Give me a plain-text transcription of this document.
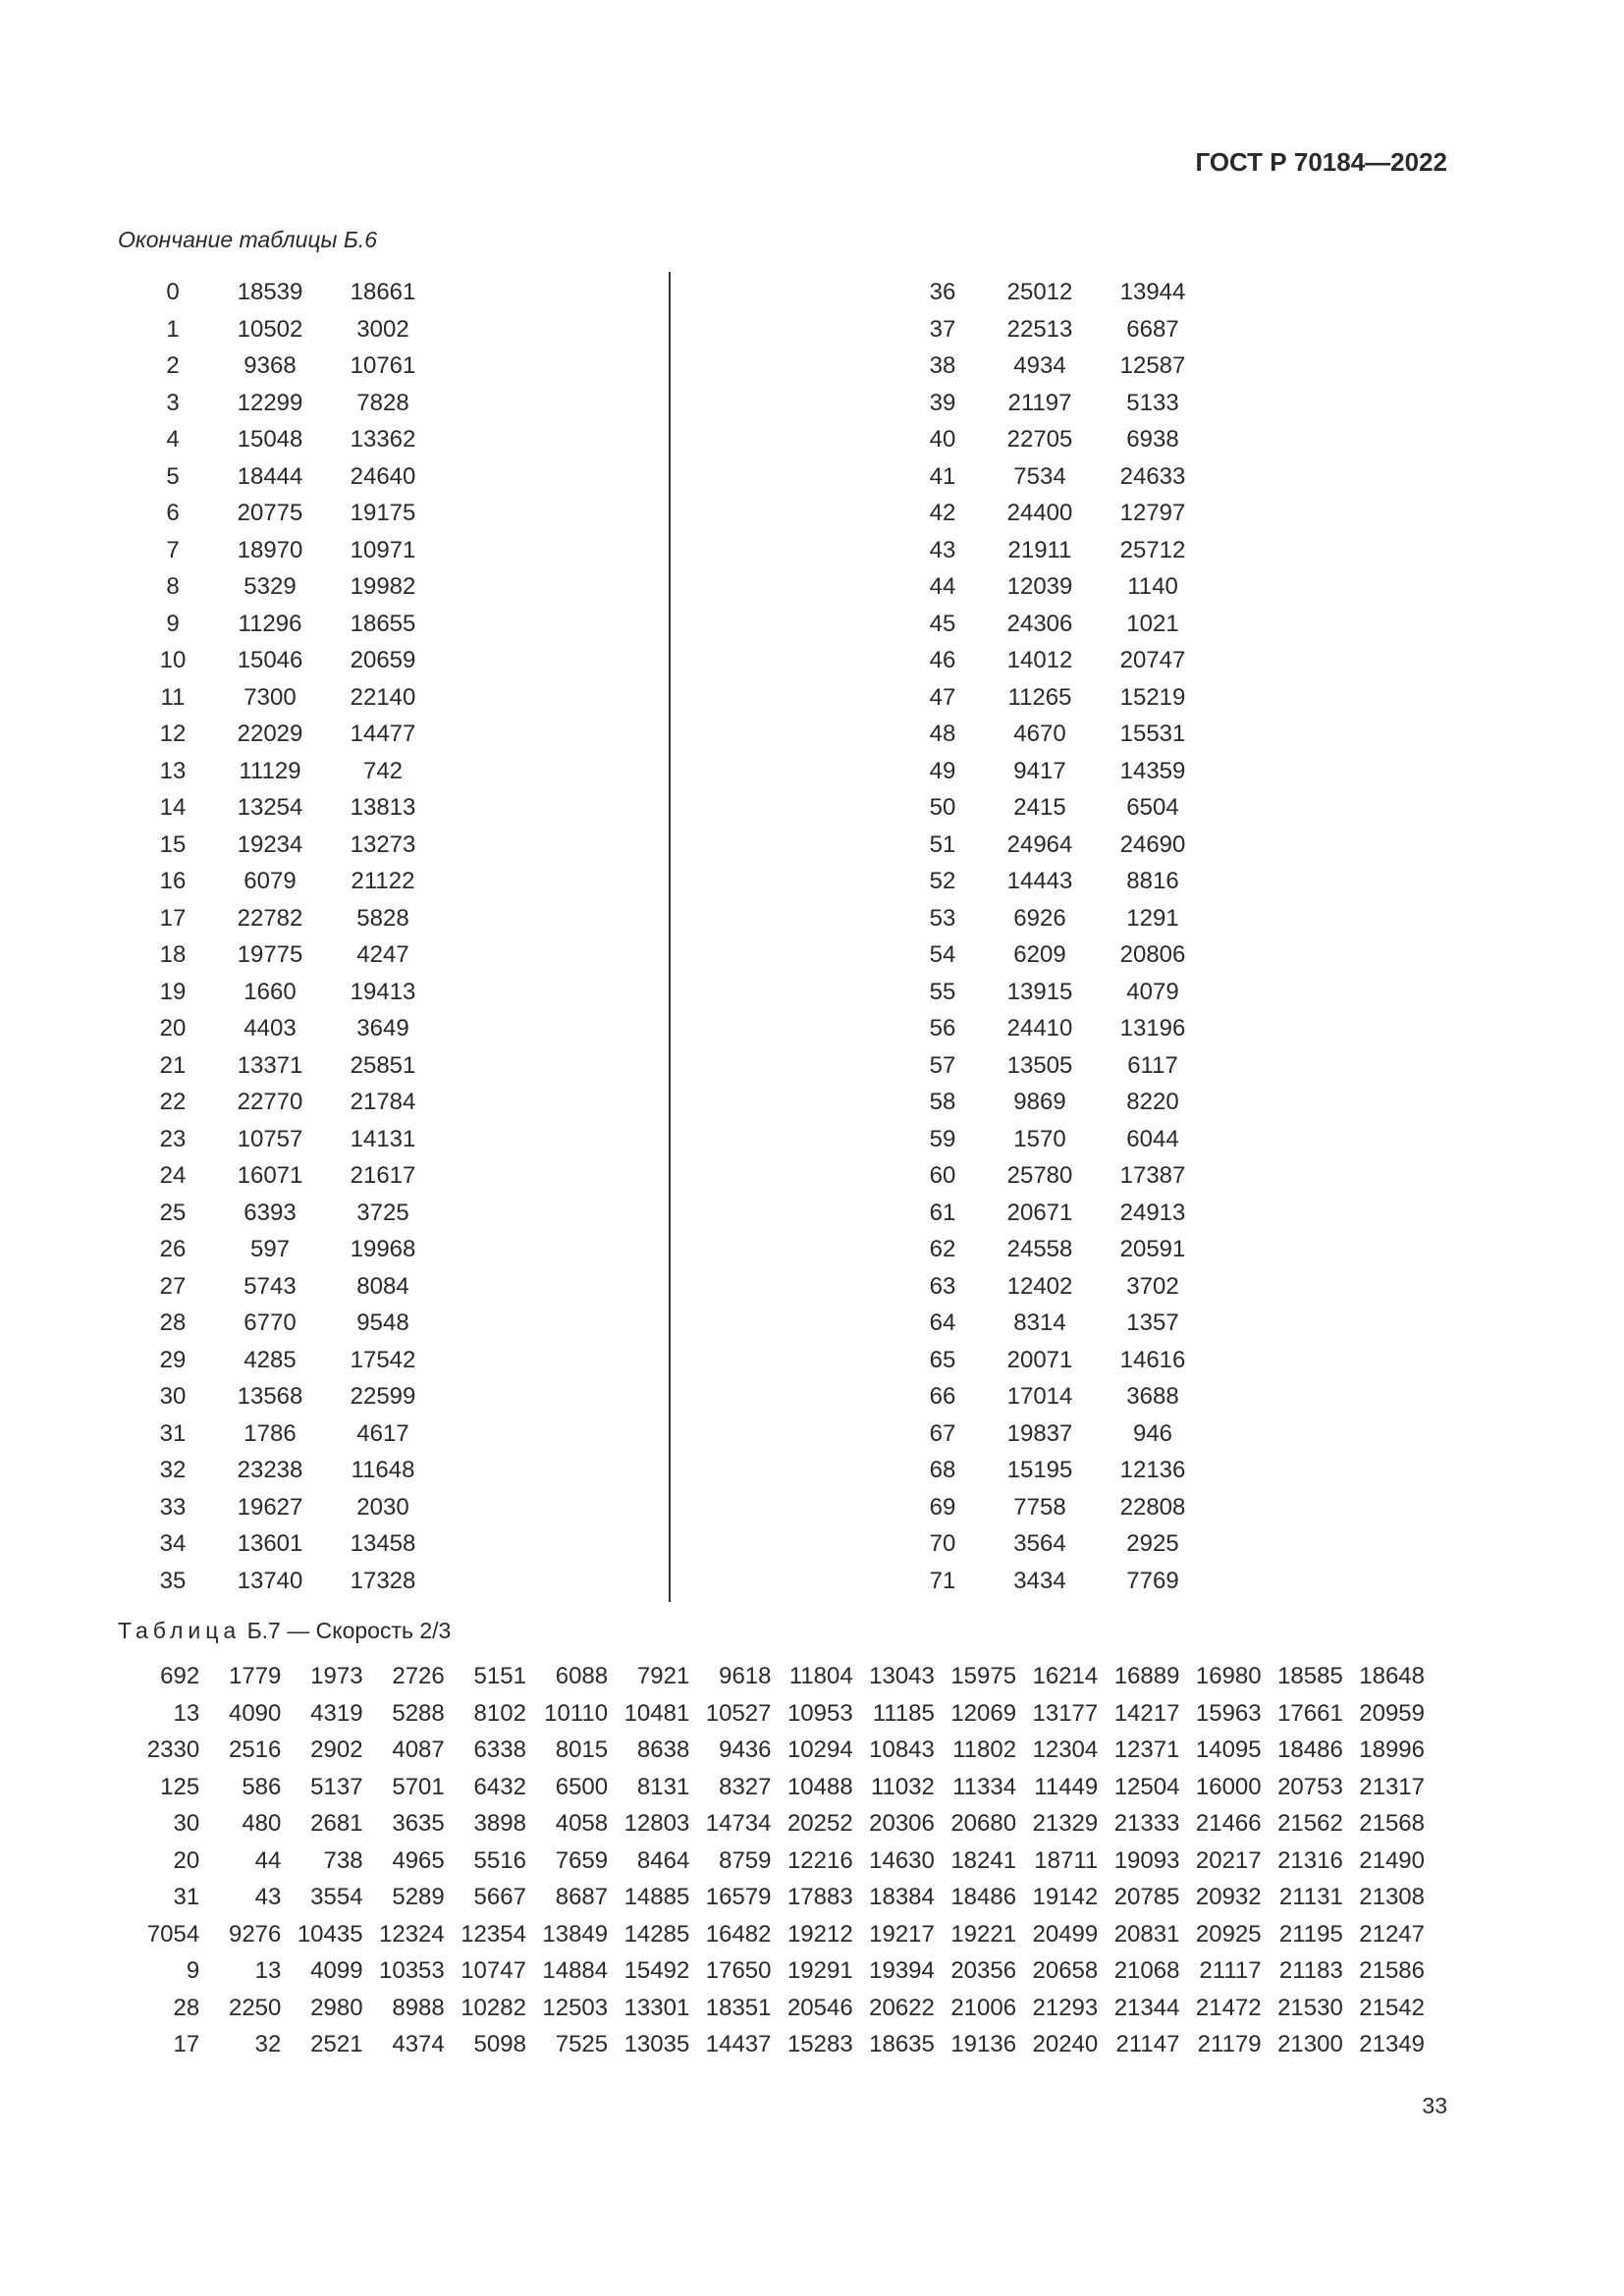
ГОСТ Р 70184—2022
Окончание таблицы Б.6
0	18539	18661
1	10502	3002
2	9368	10761
3	12299	7828
4	15048	13362
5	18444	24640
6	20775	19175
7	18970	10971
8	5329	19982
9	11296	18655
10	15046	20659
11	7300	22140
12	22029	14477
13	11129	742
14	13254	13813
15	19234	13273
16	6079	21122
17	22782	5828
18	19775	4247
19	1660	19413
20	4403	3649
21	13371	25851
22	22770	21784
23	10757	14131
24	16071	21617
25	6393	3725
26	597	19968
27	5743	8084
28	6770	9548
29	4285	17542
30	13568	22599
31	1786	4617
32	23238	11648
33	19627	2030
34	13601	13458
35	13740	17328
36	25012	13944
37	22513	6687
38	4934	12587
39	21197	5133
40	22705	6938
41	7534	24633
42	24400	12797
43	21911	25712
44	12039	1140
45	24306	1021
46	14012	20747
47	11265	15219
48	4670	15531
49	9417	14359
50	2415	6504
51	24964	24690
52	14443	8816
53	6926	1291
54	6209	20806
55	13915	4079
56	24410	13196
57	13505	6117
58	9869	8220
59	1570	6044
60	25780	17387
61	20671	24913
62	24558	20591
63	12402	3702
64	8314	1357
65	20071	14616
66	17014	3688
67	19837	946
68	15195	12136
69	7758	22808
70	3564	2925
71	3434	7769
Таблица Б.7 — Скорость 2/3
692	1779	1973	2726	5151	6088	7921	9618	11804	13043	15975	16214	16889	16980	18585	18648
13	4090	4319	5288	8102	10110	10481	10527	10953	11185	12069	13177	14217	15963	17661	20959
2330	2516	2902	4087	6338	8015	8638	9436	10294	10843	11802	12304	12371	14095	18486	18996
125	586	5137	5701	6432	6500	8131	8327	10488	11032	11334	11449	12504	16000	20753	21317
30	480	2681	3635	3898	4058	12803	14734	20252	20306	20680	21329	21333	21466	21562	21568
20	44	738	4965	5516	7659	8464	8759	12216	14630	18241	18711	19093	20217	21316	21490
31	43	3554	5289	5667	8687	14885	16579	17883	18384	18486	19142	20785	20932	21131	21308
7054	9276	10435	12324	12354	13849	14285	16482	19212	19217	19221	20499	20831	20925	21195	21247
9	13	4099	10353	10747	14884	15492	17650	19291	19394	20356	20658	21068	21117	21183	21586
28	2250	2980	8988	10282	12503	13301	18351	20546	20622	21006	21293	21344	21472	21530	21542
17	32	2521	4374	5098	7525	13035	14437	15283	18635	19136	20240	21147	21179	21300	21349
33
